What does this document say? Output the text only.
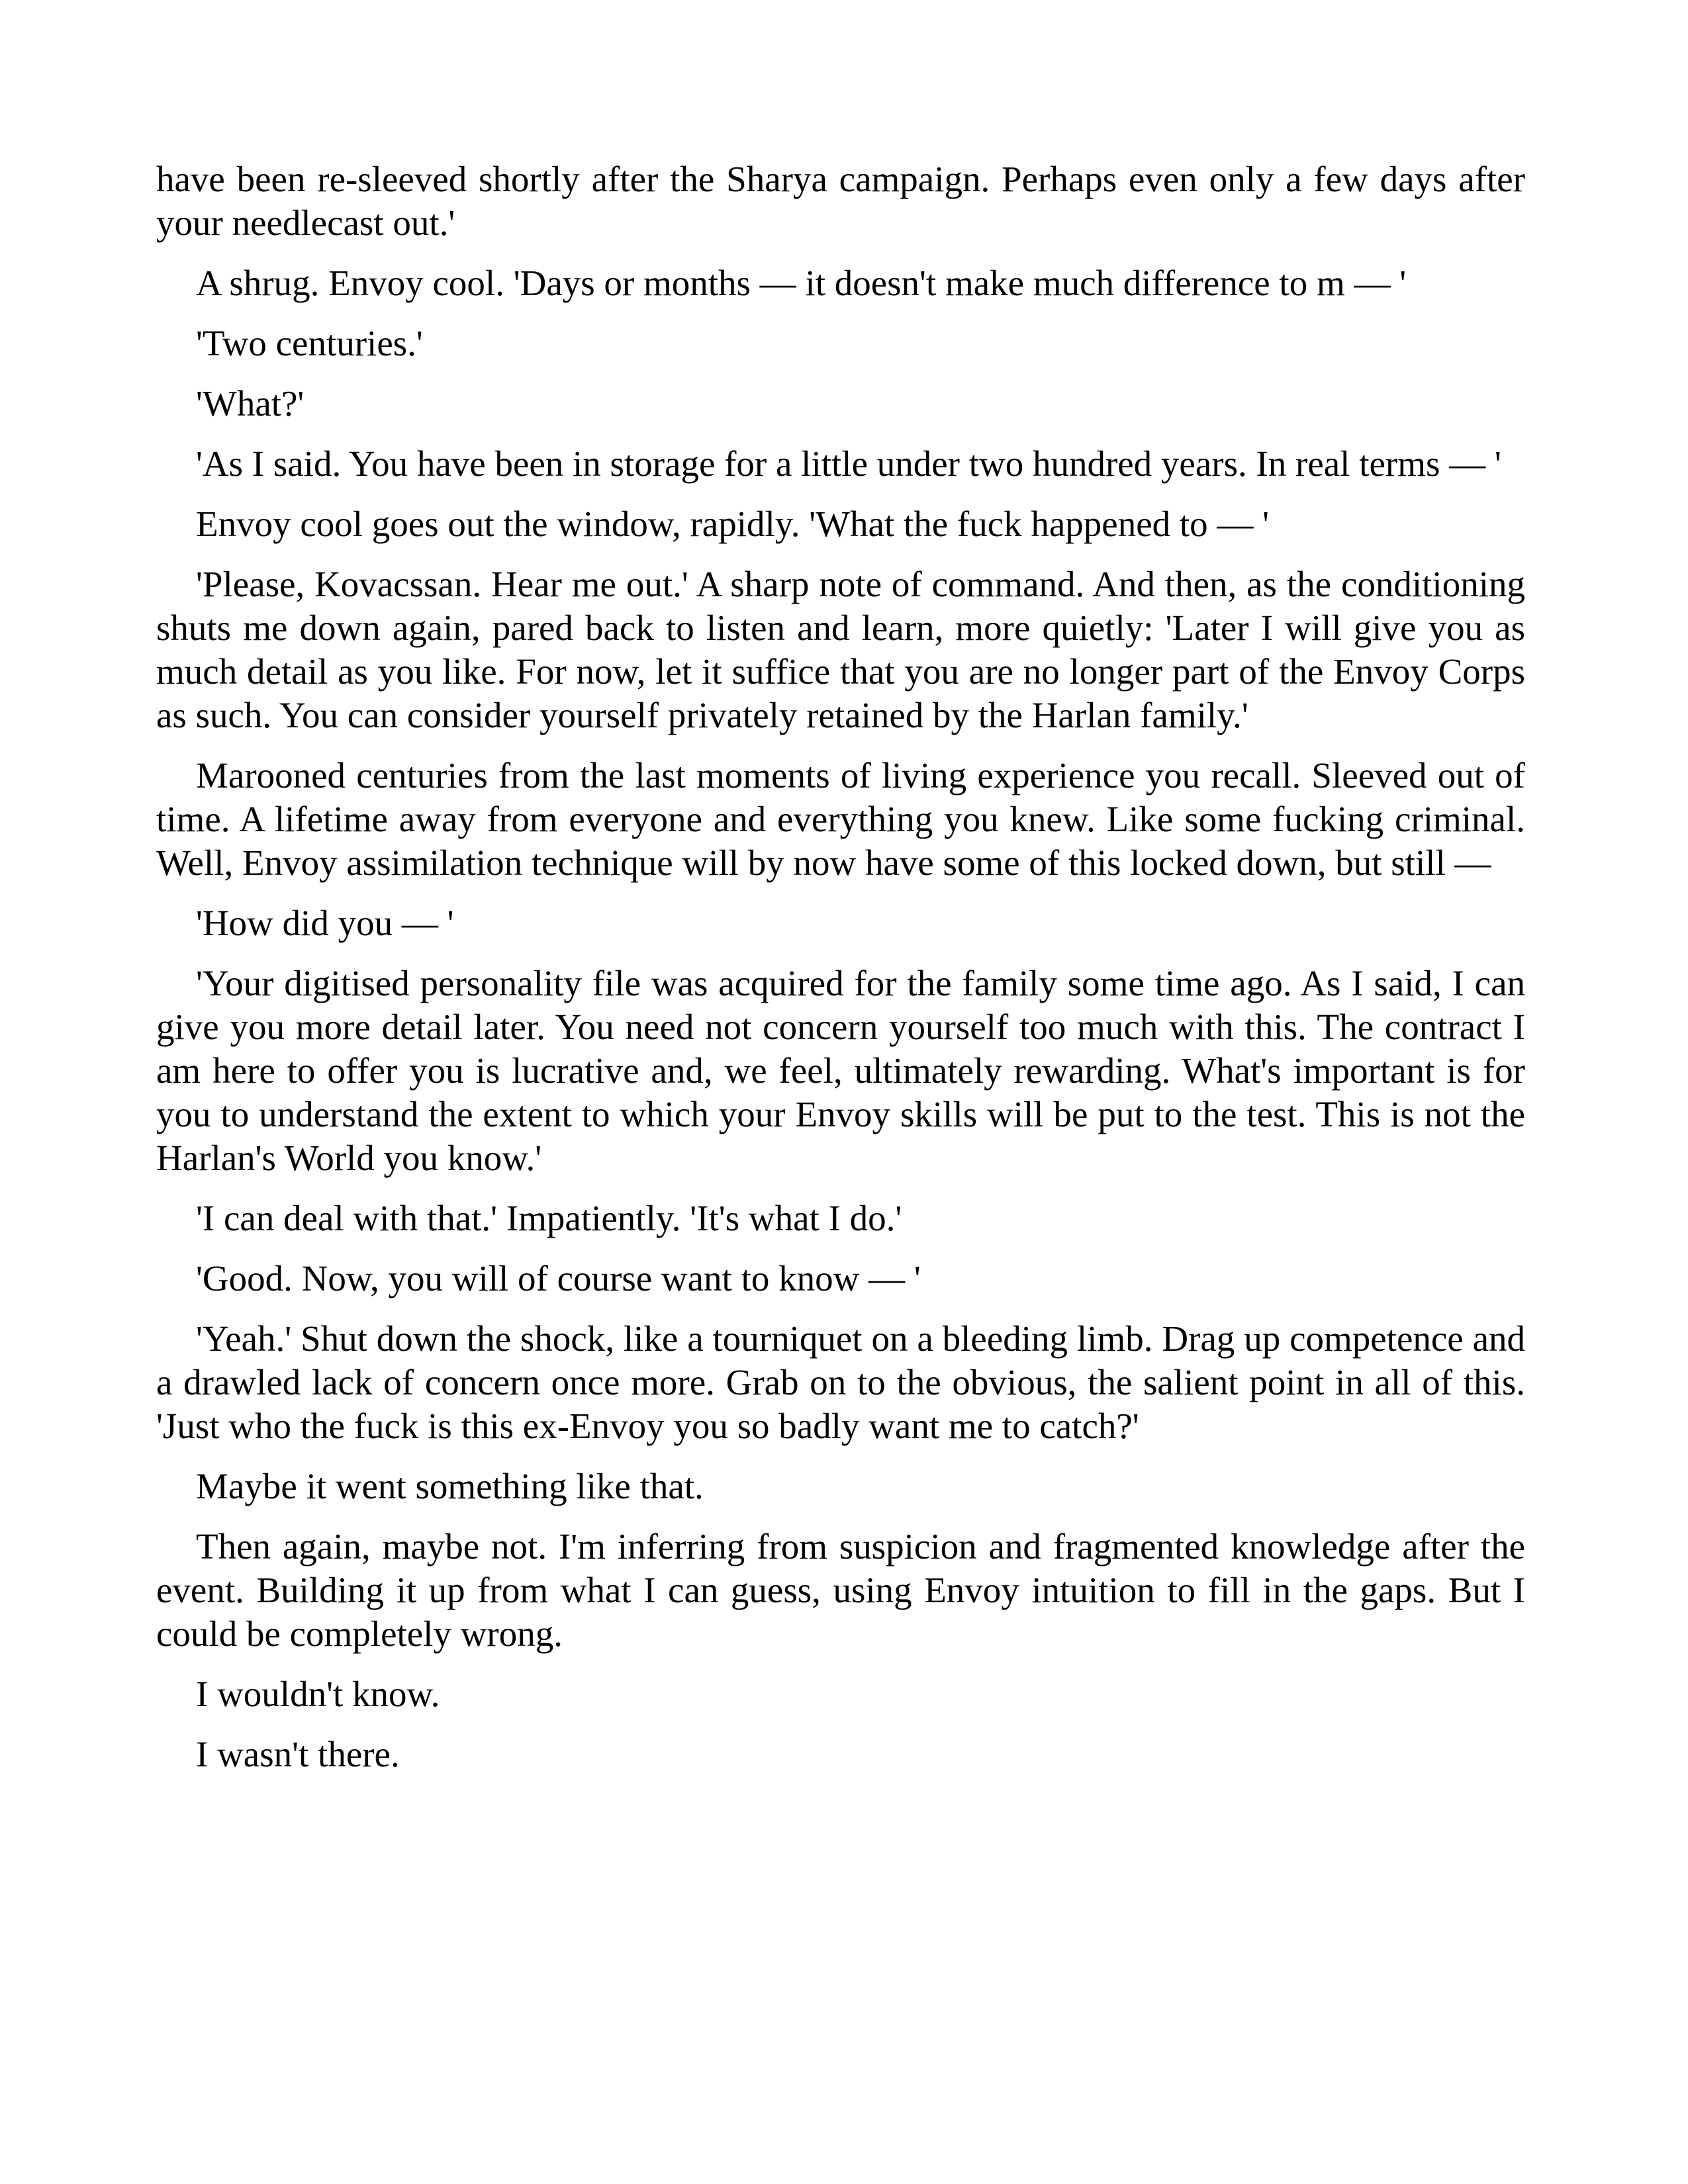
have been re-sleeved shortly after the Sharya campaign. Perhaps even only a few days after your needlecast out.'

A shrug. Envoy cool. 'Days or months — it doesn't make much difference to m — '

'Two centuries.'

'What?'

'As I said. You have been in storage for a little under two hundred years. In real terms — '

Envoy cool goes out the window, rapidly. 'What the fuck happened to — '

'Please, Kovacssan. Hear me out.' A sharp note of command. And then, as the conditioning shuts me down again, pared back to listen and learn, more quietly: 'Later I will give you as much detail as you like. For now, let it suffice that you are no longer part of the Envoy Corps as such. You can consider yourself privately retained by the Harlan family.'

Marooned centuries from the last moments of living experience you recall. Sleeved out of time. A lifetime away from everyone and everything you knew. Like some fucking criminal. Well, Envoy assimilation technique will by now have some of this locked down, but still —

'How did you — '

'Your digitised personality file was acquired for the family some time ago. As I said, I can give you more detail later. You need not concern yourself too much with this. The contract I am here to offer you is lucrative and, we feel, ultimately rewarding. What's important is for you to understand the extent to which your Envoy skills will be put to the test. This is not the Harlan's World you know.'

'I can deal with that.' Impatiently. 'It's what I do.'

'Good. Now, you will of course want to know — '

'Yeah.' Shut down the shock, like a tourniquet on a bleeding limb. Drag up competence and a drawled lack of concern once more. Grab on to the obvious, the salient point in all of this. 'Just who the fuck is this ex-Envoy you so badly want me to catch?'

Maybe it went something like that.

Then again, maybe not. I'm inferring from suspicion and fragmented knowledge after the event. Building it up from what I can guess, using Envoy intuition to fill in the gaps. But I could be completely wrong.

I wouldn't know.

I wasn't there.
